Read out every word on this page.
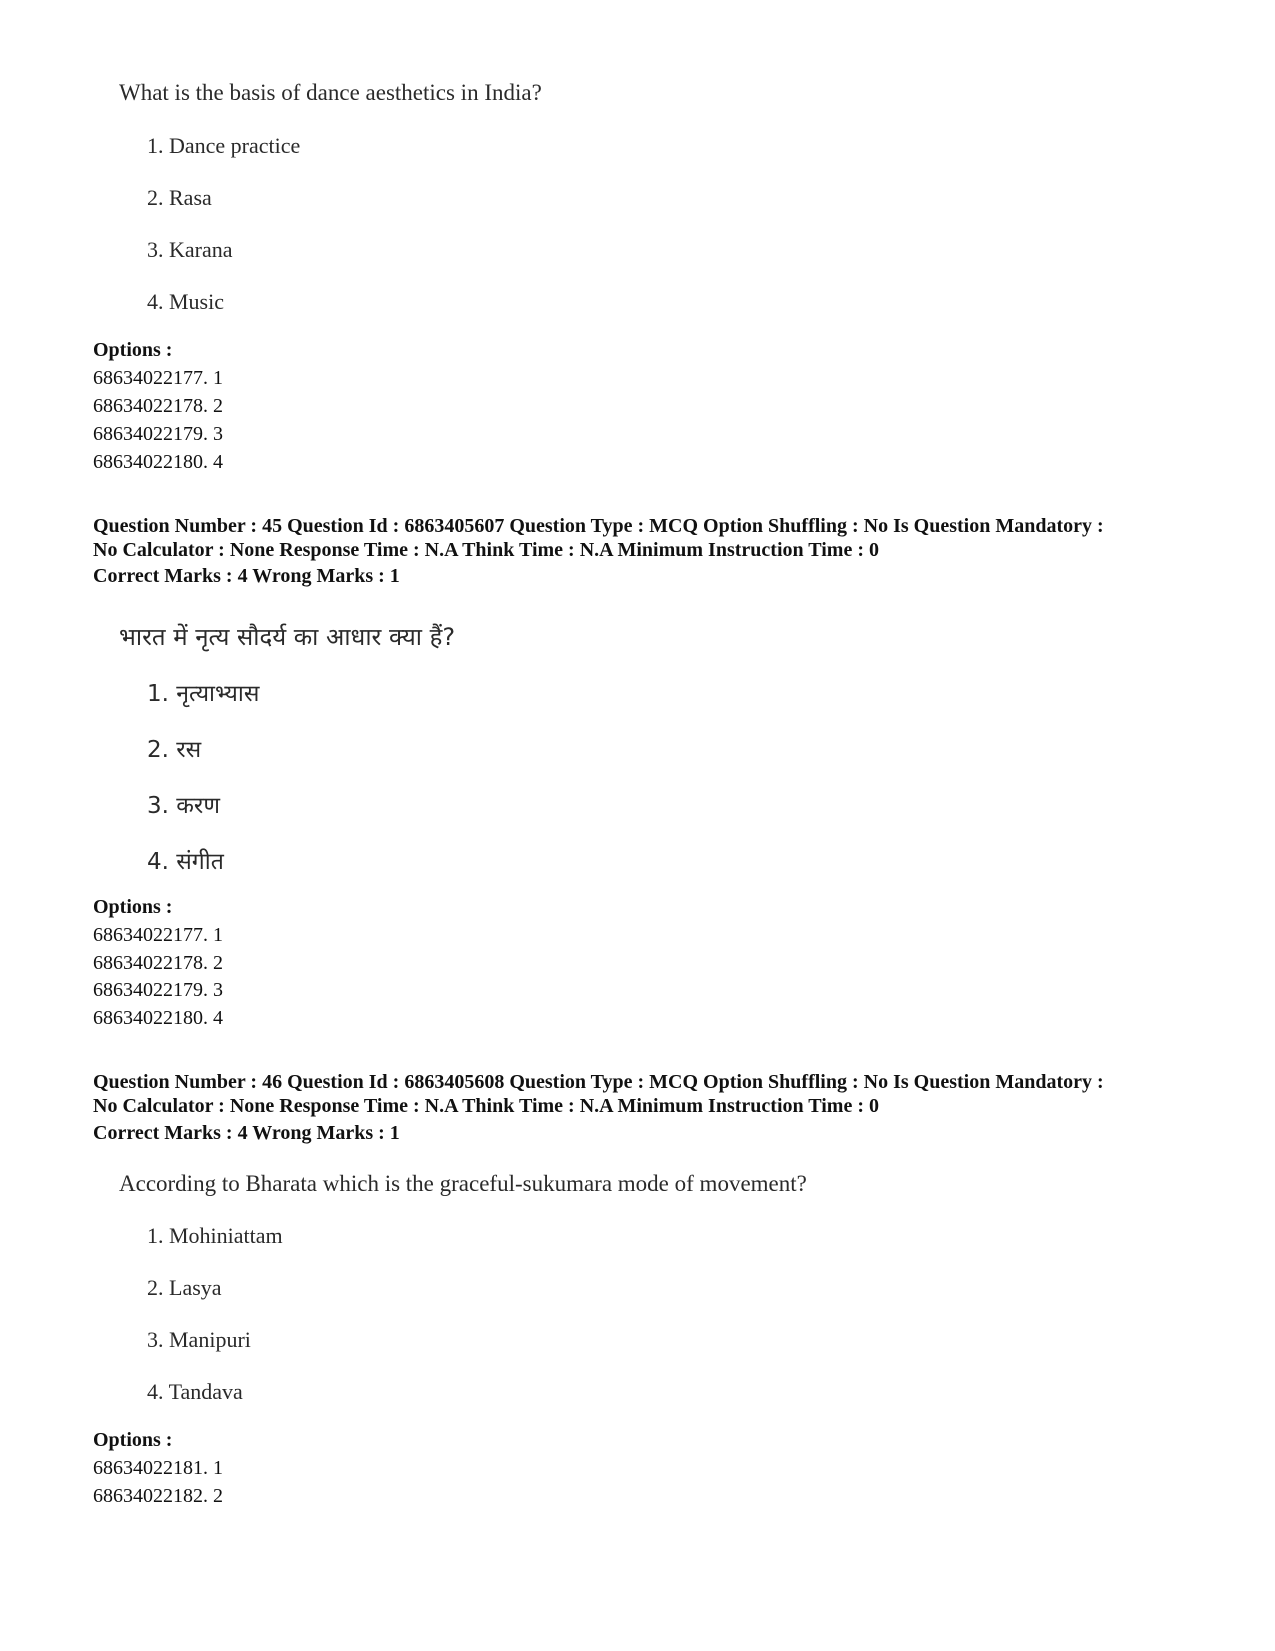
What is the basis of dance aesthetics in India?
1. Dance practice
2. Rasa
3. Karana
4. Music
Options :
68634022177. 1
68634022178. 2
68634022179. 3
68634022180. 4
Question Number : 45 Question Id : 6863405607 Question Type : MCQ Option Shuffling : No Is Question Mandatory :
No Calculator : None Response Time : N.A Think Time : N.A Minimum Instruction Time : 0
Correct Marks : 4 Wrong Marks : 1
भारत में नृत्य सौदर्य का आधार क्या हैं?
1. नृत्याभ्यास
2. रस
3. करण
4. संगीत
Options :
68634022177. 1
68634022178. 2
68634022179. 3
68634022180. 4
Question Number : 46 Question Id : 6863405608 Question Type : MCQ Option Shuffling : No Is Question Mandatory :
No Calculator : None Response Time : N.A Think Time : N.A Minimum Instruction Time : 0
Correct Marks : 4 Wrong Marks : 1
According to Bharata which is the graceful-sukumara mode of movement?
1. Mohiniattam
2. Lasya
3. Manipuri
4. Tandava
Options :
68634022181. 1
68634022182. 2
